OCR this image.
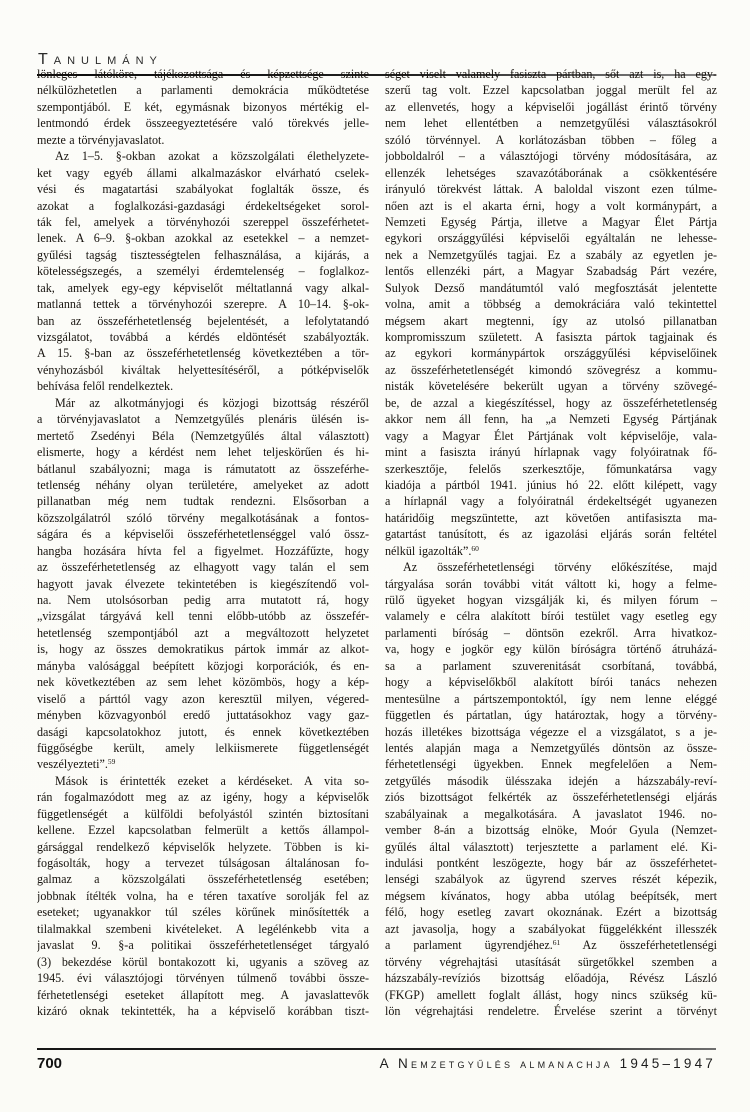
Tanulmány
lönleges látóköre, tájékozottsága és képzettsége szinte
nélkülözhetetlen a parlamenti demokrácia működtetése
szempontjából. E két, egymásnak bizonyos mértékig el-
lentmondó érdek összeegyeztetésére való törekvés jelle-
mezte a törvényjavaslatot.
Az 1–5. §-okban azokat a közszolgálati élethelyzete-
ket vagy egyéb állami alkalmazáskor elvárható cselek-
vési és magatartási szabályokat foglalták össze, és
azokat a foglalkozási-gazdasági érdekeltségeket sorol-
ták fel, amelyek a törvényhozói szereppel összeférhetet-
lenek. A 6–9. §-okban azokkal az esetekkel – a nemzet-
gyűlési tagság tisztességtelen felhasználása, a kijárás, a
kötelességszegés, a személyi érdemtelenség – foglalkoz-
tak, amelyek egy-egy képviselőt méltatlanná vagy alkal-
matlanná tettek a törvényhozói szerepre. A 10–14. §-ok-
ban az összeférhetetlenség bejelentését, a lefolytatandó
vizsgálatot, továbbá a kérdés eldöntését szabályozták.
A 15. §-ban az összeférhetetlenség következtében a tör-
vényhozásból kiváltak helyettesítéséről, a pótképviselők
behívása felől rendelkeztek.
Már az alkotmányjogi és közjogi bizottság részéről
a törvényjavaslatot a Nemzetgyűlés plenáris ülésén is-
mertető Zsedényi Béla (Nemzetgyűlés által választott)
elismerte, hogy a kérdést nem lehet teljeskörűen és hi-
bátlanul szabályozni; maga is rámutatott az összeférhe-
tetlenség néhány olyan területére, amelyeket az adott
pillanatban még nem tudtak rendezni. Elsősorban a
közszolgálatról szóló törvény megalkotásának a fontos-
ságára és a képviselői összeférhetetlenséggel való össz-
hangba hozására hívta fel a figyelmet. Hozzáfűzte, hogy
az összeférhetetlenség az elhagyott vagy talán el sem
hagyott javak élvezete tekintetében is kiegészítendő vol-
na. Nem utolsósorban pedig arra mutatott rá, hogy
„vizsgálat tárgyává kell tenni előbb-utóbb az összefér-
hetetlenség szempontjából azt a megváltozott helyzetet
is, hogy az összes demokratikus pártok immár az alkot-
mányba valósággal beépített közjogi korporációk, és en-
nek következtében az sem lehet közömbös, hogy a kép-
viselő a párttól vagy azon keresztül milyen, végered-
ményben közvagyonból eredő juttatásokhoz vagy gaz-
dasági kapcsolatokhoz jutott, és ennek következtében
függőségbe került, amely lelkiismerete függetlenségét
veszélyezteti”.$^{59}$
Mások is érintették ezeket a kérdéseket. A vita so-
rán fogalmazódott meg az az igény, hogy a képviselők
függetlenségét a külföldi befolyástól szintén biztosítani
kellene. Ezzel kapcsolatban felmerült a kettős állampol-
gársággal rendelkező képviselők helyzete. Többen is ki-
fogásolták, hogy a tervezet túlságosan általánosan fo-
galmaz a közszolgálati összeférhetetlenség esetében;
jobbnak ítélték volna, ha e téren taxatíve sorolják fel az
eseteket; ugyanakkor túl széles körűnek minősítették a
tilalmakkal szembeni kivételeket. A legélénkebb vita a
javaslat 9. §-a politikai összeférhetetlenséget tárgyaló
(3) bekezdése körül bontakozott ki, ugyanis a szöveg az
1945. évi választójogi törvényen túlmenő további össze-
férhetetlenségi eseteket állapított meg. A javaslattevők
kizáró oknak tekintették, ha a képviselő korábban tiszt-
séget viselt valamely fasiszta pártban, sőt azt is, ha egy-
szerű tag volt. Ezzel kapcsolatban joggal merült fel az
az ellenvetés, hogy a képviselői jogállást érintő törvény
nem lehet ellentétben a nemzetgyűlési választásokról
szóló törvénnyel. A korlátozásban többen – főleg a
jobboldalról – a választójogi törvény módosítására, az
ellenzék lehetséges szavazótáborának a csökkentésére
irányuló törekvést láttak. A baloldal viszont ezen túlme-
nően azt is el akarta érni, hogy a volt kormánypárt, a
Nemzeti Egység Pártja, illetve a Magyar Élet Pártja
egykori országgyűlési képviselői egyáltalán ne lehesse-
nek a Nemzetgyűlés tagjai. Ez a szabály az egyetlen je-
lentős ellenzéki párt, a Magyar Szabadság Párt vezére,
Sulyok Dezső mandátumtól való megfosztását jelentette
volna, amit a többség a demokráciára való tekintettel
mégsem akart megtenni, így az utolsó pillanatban
kompromisszum született. A fasiszta pártok tagjainak és
az egykori kormánypártok országgyűlési képviselőinek
az összeférhetetlenségét kimondó szövegrész a kommu-
nisták követelésére bekerült ugyan a törvény szövegé-
be, de azzal a kiegészítéssel, hogy az összeférhetetlenség
akkor nem áll fenn, ha „a Nemzeti Egység Pártjának
vagy a Magyar Élet Pártjának volt képviselője, vala-
mint a fasiszta irányú hírlapnak vagy folyóiratnak fő-
szerkesztője, felelős szerkesztője, főmunkatársa vagy
kiadója a pártból 1941. június hó 22. előtt kilépett, vagy
a hírlapnál vagy a folyóiratnál érdekeltségét ugyanezen
határidőig megszüntette, azt követően antifasiszta ma-
gatartást tanúsított, és az igazolási eljárás során feltétel
nélkül igazolták”.$^{60}$
Az összeférhetetlenségi törvény előkészítése, majd
tárgyalása során további vitát váltott ki, hogy a felme-
rülő ügyeket hogyan vizsgálják ki, és milyen fórum –
valamely e célra alakított bírói testület vagy esetleg egy
parlamenti bíróság – döntsön ezekről. Arra hivatkoz-
va, hogy e jogkör egy külön bíróságra történő átruházá-
sa a parlament szuverenitását csorbítaná, továbbá,
hogy a képviselőkből alakított bírói tanács nehezen
mentesülne a pártszempontoktól, így nem lenne eléggé
független és pártatlan, úgy határoztak, hogy a törvény-
hozás illetékes bizottsága végezze el a vizsgálatot, s a je-
lentés alapján maga a Nemzetgyűlés döntsön az össze-
férhetetlenségi ügyekben. Ennek megfelelően a Nem-
zetgyűlés második ülésszaka idején a házszabály-reví-
ziós bizottságot felkérték az összeférhetetlenségi eljárás
szabályainak a megalkotására. A javaslatot 1946. no-
vember 8-án a bizottság elnöke, Moór Gyula (Nemzet-
gyűlés által választott) terjesztette a parlament elé. Ki-
indulási pontként leszögezte, hogy bár az összeférhetet-
lenségi szabályok az ügyrend szerves részét képezik,
mégsem kívánatos, hogy abba utólag beépítsék, mert
félő, hogy esetleg zavart okoznának. Ezért a bizottság
azt javasolja, hogy a szabályokat függelékként illesszék
a parlament ügyrendjéhez.$^{61}$ Az összeférhetetlenségi
törvény végrehajtási utasítását sürgetőkkel szemben a
házszabály-revíziós bizottság előadója, Révész László
(FKGP) amellett foglalt állást, hogy nincs szükség kü-
lön végrehajtási rendeletre. Érvelése szerint a törvényt
700	A Nemzetgyűlés almanachja 1945–1947
